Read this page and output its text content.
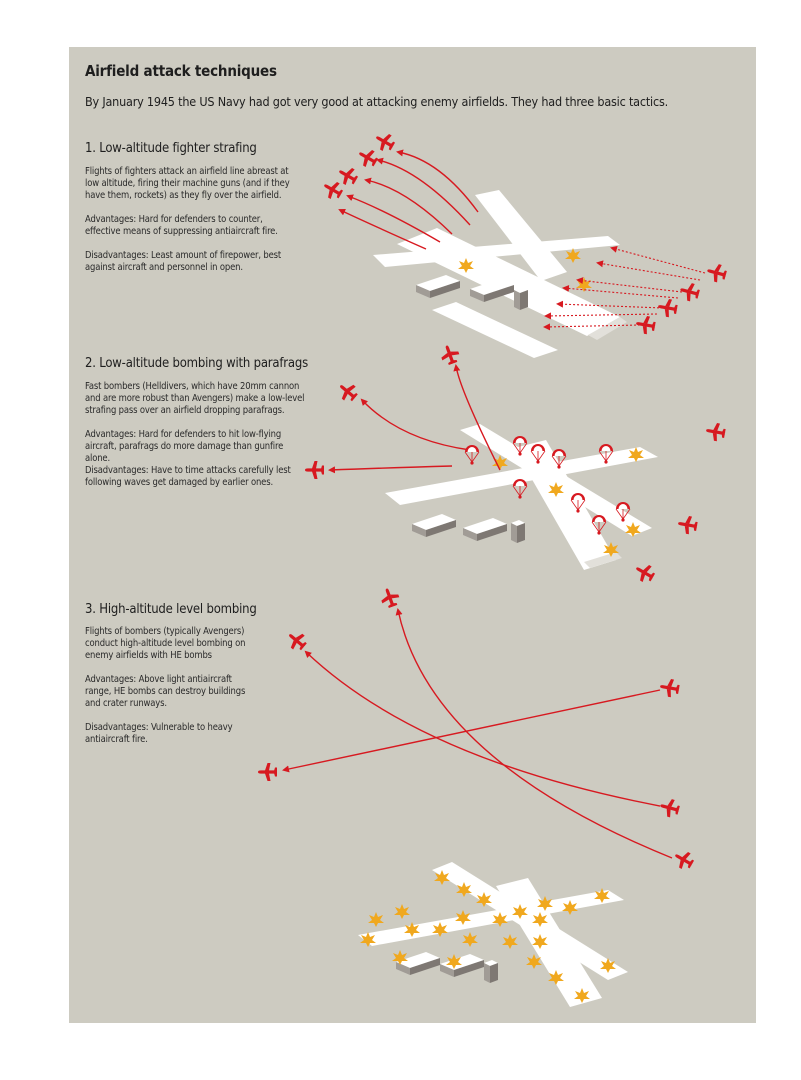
Airfield attack techniques

By January 1945 the US Navy had got very good at attacking enemy airfields. They had three basic tactics.

1. Low-altitude fighter strafing

Flights of fighters attack an airfield line abreast at low altitude, firing their machine guns (and if they have them, rockets) as they fly over the airfield.

Advantages: Hard for defenders to counter, effective means of suppressing antiaircraft fire.

Disadvantages: Least amount of firepower, best against aircraft and personnel in open.

2. Low-altitude bombing with parafrags

Fast bombers (Helldivers, which have 20mm cannon and are more robust than Avengers) make a low-level strafing pass over an airfield dropping parafrags.

Advantages: Hard for defenders to hit low-flying aircraft, parafrags do more damage than gunfire alone.

Disadvantages: Have to time attacks carefully lest following waves get damaged by earlier ones.

3. High-altitude level bombing

Flights of bombers (typically Avengers) conduct high-altitude level bombing on enemy airfields with HE bombs

Advantages: Above light antiaircraft range, HE bombs can destroy buildings and crater runways.

Disadvantages: Vulnerable to heavy antiaircraft fire.
